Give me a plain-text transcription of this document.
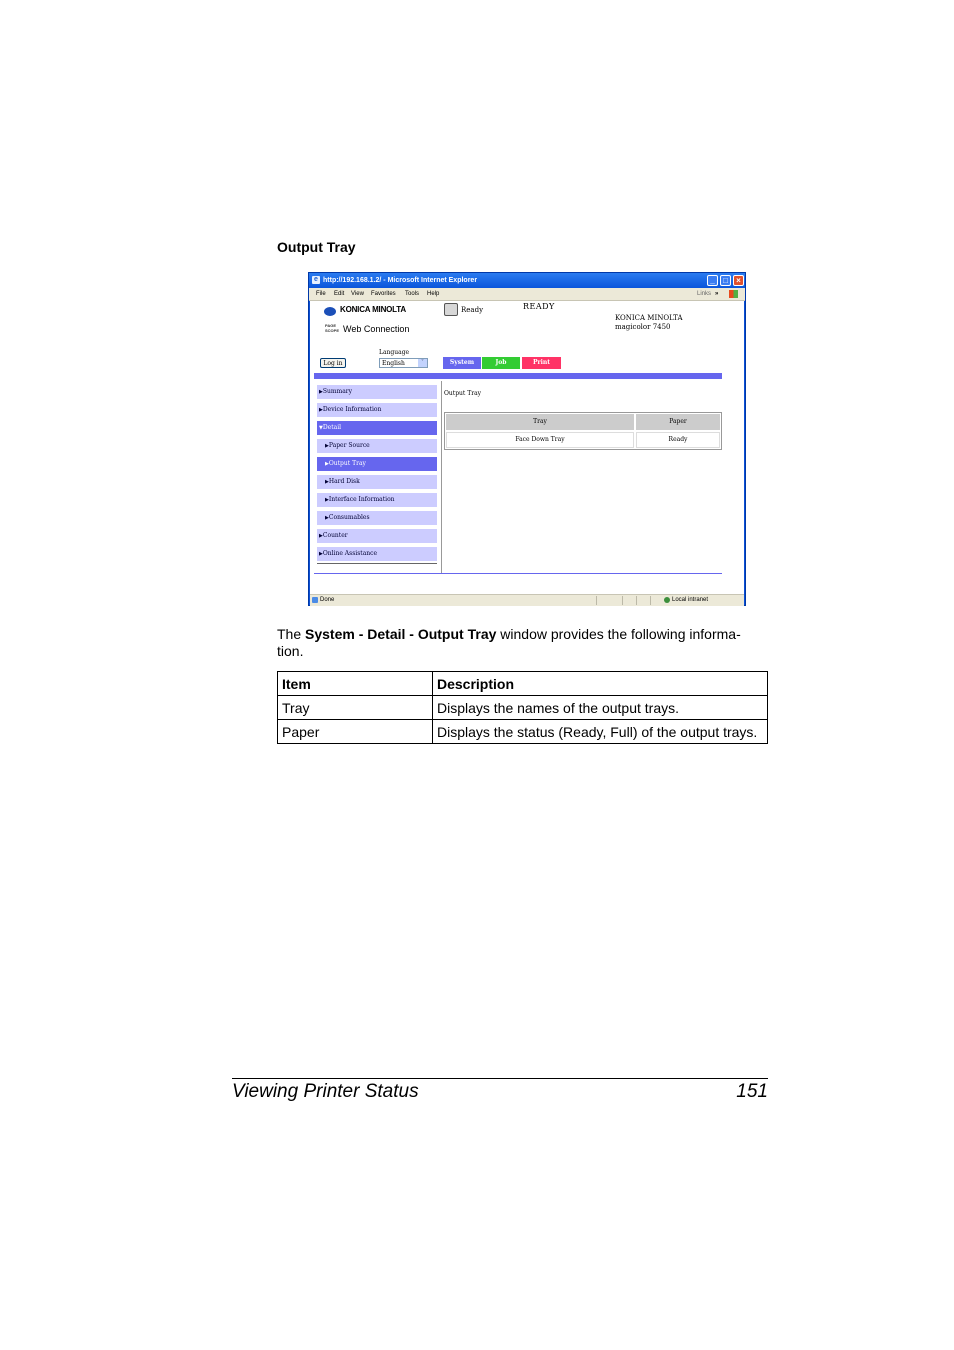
Output Tray
e http://192.168.1.2/ - Microsoft Internet Explorer	_	□	×
File Edit View Favorites Tools Help	Links »
KONICA MINOLTA
PAGE SCOPE Web Connection
Ready	READY
KONICA MINOLTA
magicolor 7450
Language
English	˅
Log in	System	Job	Print
▶Summary
▶Device Information
▼Detail
▶Paper Source
▶Output Tray
▶Hard Disk
▶Interface Information
▶Consumables
▶Counter
▶Online Assistance
Output Tray
Tray	Paper
Face Down Tray	Ready
Done	Local intranet
The System - Detail - Output Tray window provides the following informa-tion.
Item	Description
Tray	Displays the names of the output trays.
Paper	Displays the status (Ready, Full) of the output trays.
Viewing Printer Status	151
